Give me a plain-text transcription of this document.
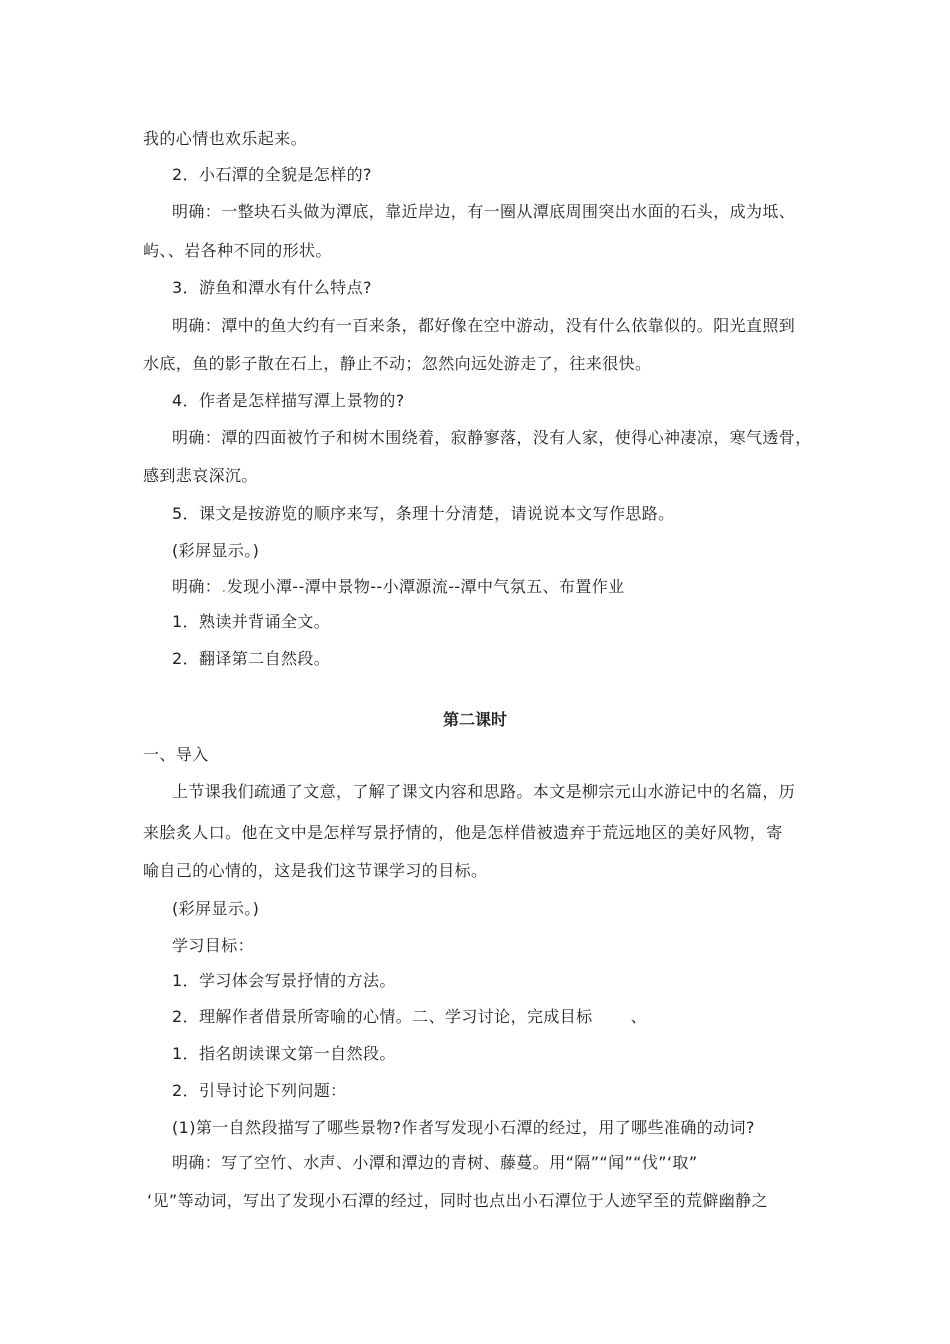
我的心情也欢乐起来。
2．小石潭的全貌是怎样的?
明确：一整块石头做为潭底，靠近岸边，有一圈从潭底周围突出水面的石头，成为坻、
屿、、岩各种不同的形状。
3．游鱼和潭水有什么特点?
明确：潭中的鱼大约有一百来条，都好像在空中游动，没有什么依靠似的。阳光直照到
水底，鱼的影子散在石上，静止不动；忽然向远处游走了，往来很快。
4．作者是怎样描写潭上景物的?
明确：潭的四面被竹子和树木围绕着，寂静寥落，没有人家，使得心神凄凉，寒气透骨，
感到悲哀深沉。
5．课文是按游览的顺序来写，条理十分清楚，请说说本文写作思路。
(彩屏显示。)
明确：.发现小潭--潭中景物--小潭源流--潭中气氛五、布置作业
1．熟读并背诵全文。
2．翻译第二自然段。
第二课时
一、导入
上节课我们疏通了文意，了解了课文内容和思路。本文是柳宗元山水游记中的名篇，历
来脍炙人口。他在文中是怎样写景抒情的，他是怎样借被遗弃于荒远地区的美好风物，寄
喻自己的心情的，这是我们这节课学习的目标。
(彩屏显示。)
学习目标：
1．学习体会写景抒情的方法。
2．理解作者借景所寄喻的心情。二、学习讨论，完成目标 、
1．指名朗读课文第一自然段。
2．引导讨论下列问题：
(1)第一自然段描写了哪些景物?作者写发现小石潭的经过，用了哪些准确的动词?
明确：写了空竹、水声、小潭和潭边的青树、藤蔓。用“隔”“闻”“伐”‘取”
‘见”等动词，写出了发现小石潭的经过，同时也点出小石潭位于人迹罕至的荒僻幽静之
